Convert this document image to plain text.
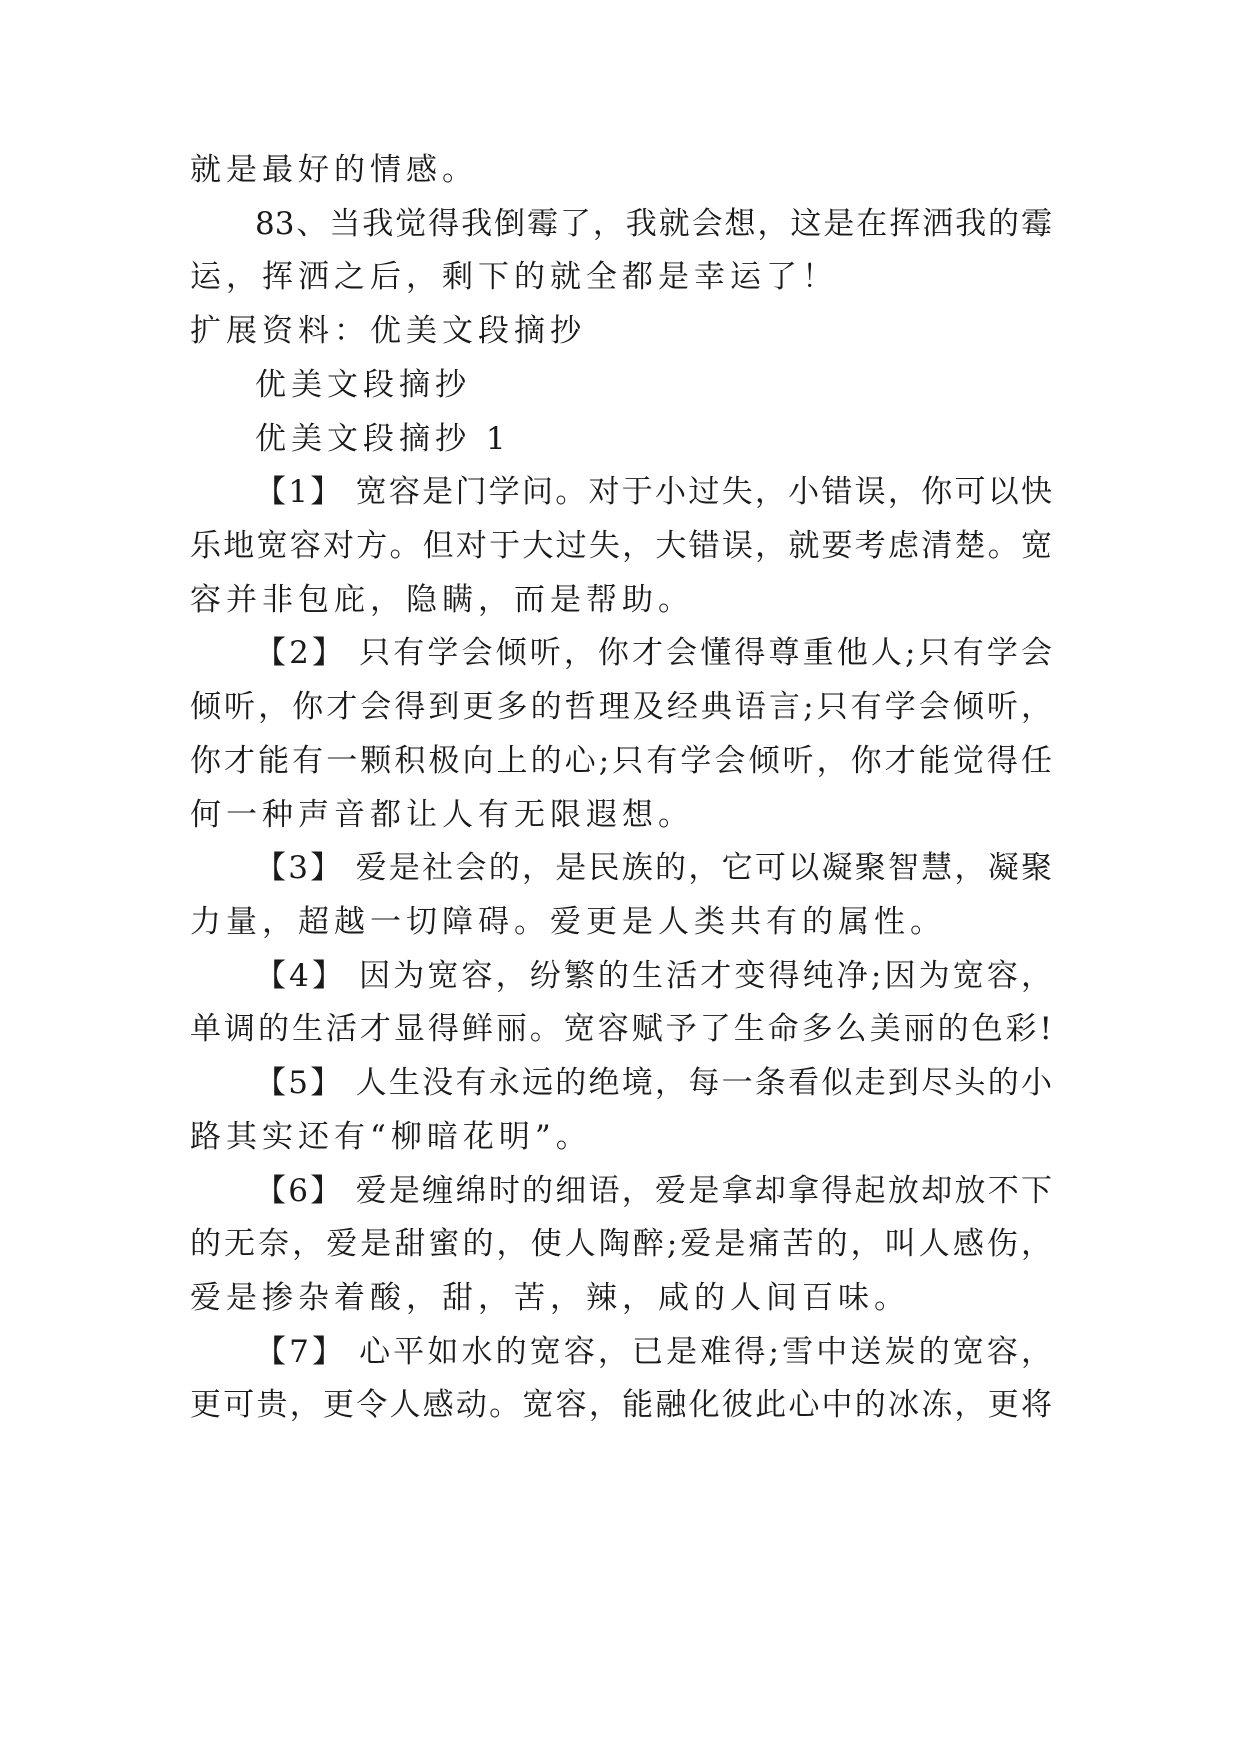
就是最好的情感。
83、当我觉得我倒霉了，我就会想，这是在挥洒我的霉
运，挥洒之后，剩下的就全都是幸运了！
扩展资料：优美文段摘抄
优美文段摘抄
优美文段摘抄 1
【1】 宽容是门学问。对于小过失，小错误，你可以快
乐地宽容对方。但对于大过失，大错误，就要考虑清楚。宽
容并非包庇，隐瞒，而是帮助。
【2】 只有学会倾听，你才会懂得尊重他人;只有学会
倾听，你才会得到更多的哲理及经典语言;只有学会倾听，
你才能有一颗积极向上的心;只有学会倾听，你才能觉得任
何一种声音都让人有无限遐想。
【3】 爱是社会的，是民族的，它可以凝聚智慧，凝聚
力量，超越一切障碍。爱更是人类共有的属性。
【4】 因为宽容，纷繁的生活才变得纯净;因为宽容，
单调的生活才显得鲜丽。宽容赋予了生命多么美丽的色彩!
【5】 人生没有永远的绝境，每一条看似走到尽头的小
路其实还有“柳暗花明”。
【6】 爱是缠绵时的细语，爱是拿却拿得起放却放不下
的无奈，爱是甜蜜的，使人陶醉;爱是痛苦的，叫人感伤，
爱是掺杂着酸，甜，苦，辣，咸的人间百味。
【7】 心平如水的宽容，已是难得;雪中送炭的宽容，
更可贵，更令人感动。宽容，能融化彼此心中的冰冻，更将
